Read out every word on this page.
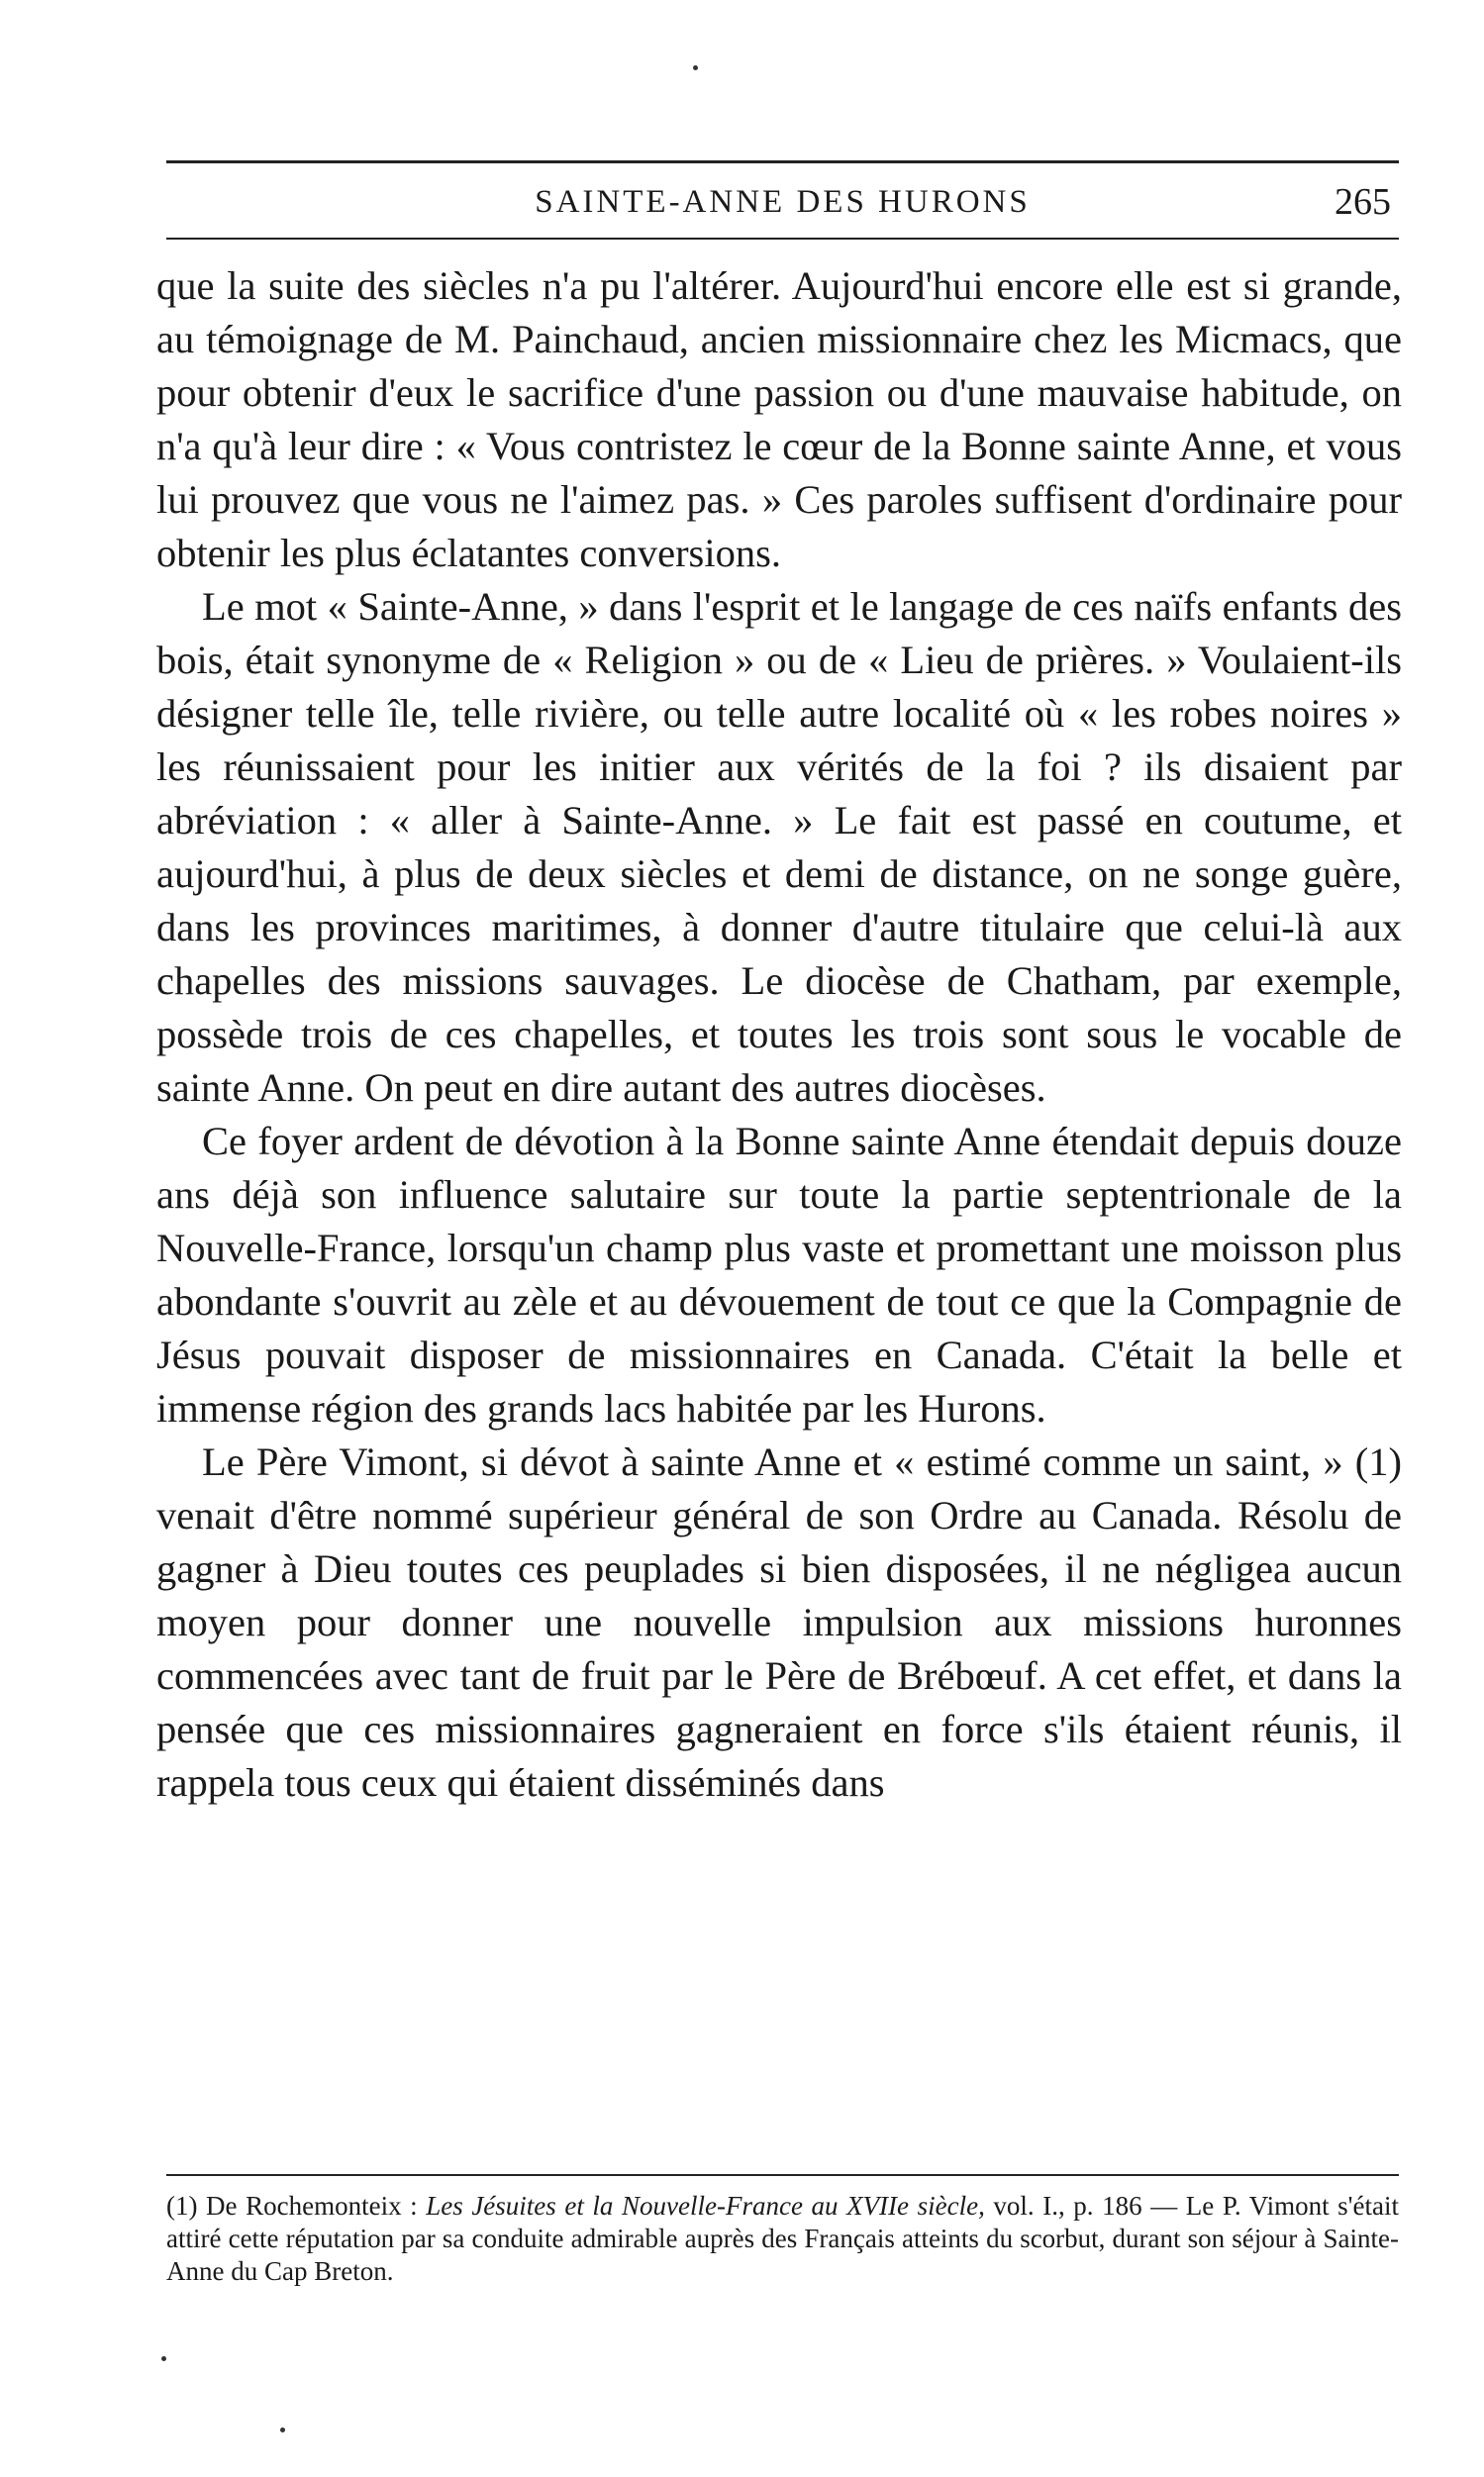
SAINTE-ANNE DES HURONS	265

que la suite des siècles n'a pu l'altérer. Aujourd'hui encore elle est si grande, au témoignage de M. Painchaud, ancien missionnaire chez les Micmacs, que pour obtenir d'eux le sacrifice d'une passion ou d'une mauvaise habitude, on n'a qu'à leur dire : « Vous contristez le cœur de la Bonne sainte Anne, et vous lui prouvez que vous ne l'aimez pas. » Ces paroles suffisent d'ordinaire pour obtenir les plus éclatantes conversions.

Le mot « Sainte-Anne, » dans l'esprit et le langage de ces naïfs enfants des bois, était synonyme de « Religion » ou de « Lieu de prières. » Voulaient-ils désigner telle île, telle rivière, ou telle autre localité où « les robes noires » les réunissaient pour les initier aux vérités de la foi ? ils disaient par abréviation : « aller à Sainte-Anne. » Le fait est passé en coutume, et aujourd'hui, à plus de deux siècles et demi de distance, on ne songe guère, dans les provinces maritimes, à donner d'autre titulaire que celui-là aux chapelles des missions sauvages. Le diocèse de Chatham, par exemple, possède trois de ces chapelles, et toutes les trois sont sous le vocable de sainte Anne. On peut en dire autant des autres diocèses.

Ce foyer ardent de dévotion à la Bonne sainte Anne étendait depuis douze ans déjà son influence salutaire sur toute la partie septentrionale de la Nouvelle-France, lorsqu'un champ plus vaste et promettant une moisson plus abondante s'ouvrit au zèle et au dévouement de tout ce que la Compagnie de Jésus pouvait disposer de missionnaires en Canada. C'était la belle et immense région des grands lacs habitée par les Hurons.

Le Père Vimont, si dévot à sainte Anne et « estimé comme un saint, » (1) venait d'être nommé supérieur général de son Ordre au Canada. Résolu de gagner à Dieu toutes ces peuplades si bien disposées, il ne négligea aucun moyen pour donner une nouvelle impulsion aux missions huronnes commencées avec tant de fruit par le Père de Brébœuf. A cet effet, et dans la pensée que ces missionnaires gagneraient en force s'ils étaient réunis, il rappela tous ceux qui étaient disséminés dans

(1) De Rochemonteix : Les Jésuites et la Nouvelle-France au XVIIe siècle, vol. I., p. 186 — Le P. Vimont s'était attiré cette réputation par sa conduite admirable auprès des Français atteints du scorbut, durant son séjour à Sainte-Anne du Cap Breton.
